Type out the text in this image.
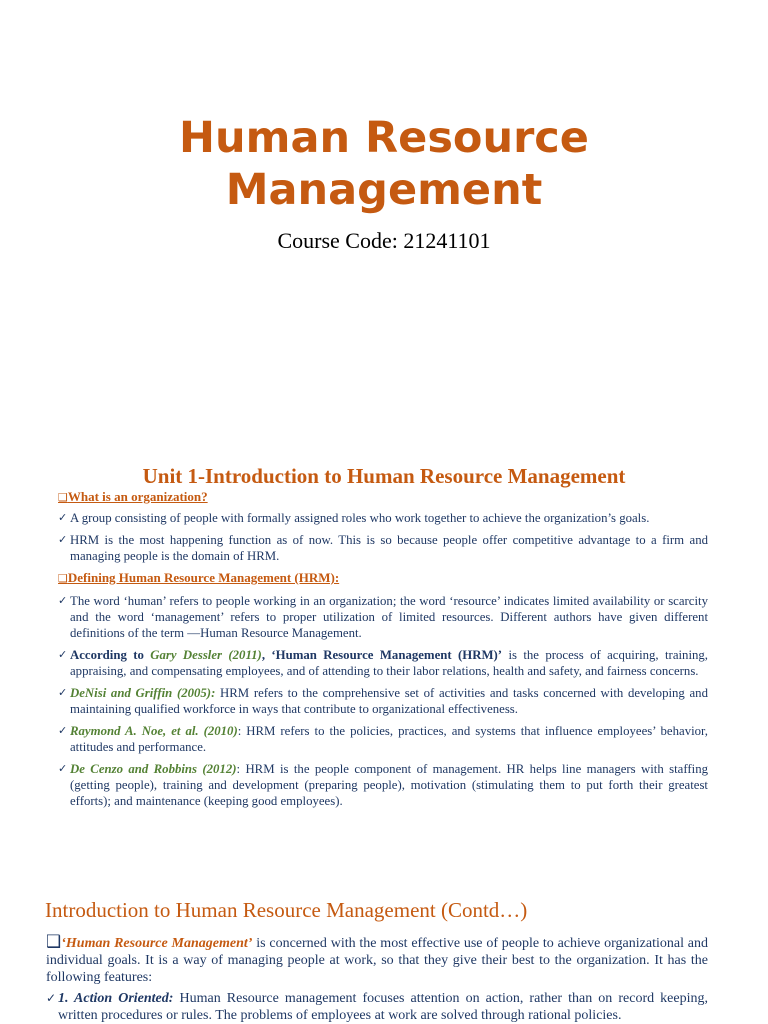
Human Resource
Management
Course Code: 21241101
Unit 1-Introduction to Human Resource Management
❑What is an organization?
✓ A group consisting of people with formally assigned roles who work together to achieve the organization’s goals.
✓ HRM is the most happening function as of now. This is so because people offer competitive advantage to a firm and managing people is the domain of HRM.
❑Defining Human Resource Management (HRM):
✓ The word ‘human’ refers to people working in an organization; the word ‘resource’ indicates limited availability or scarcity and the word ‘management’ refers to proper utilization of limited resources. Different authors have given different definitions of the term —Human Resource Management.
✓ According to Gary Dessler (2011), ‘Human Resource Management (HRM)’ is the process of acquiring, training, appraising, and compensating employees, and of attending to their labor relations, health and safety, and fairness concerns.
✓ DeNisi and Griffin (2005): HRM refers to the comprehensive set of activities and tasks concerned with developing and maintaining qualified workforce in ways that contribute to organizational effectiveness.
✓ Raymond A. Noe, et al. (2010): HRM refers to the policies, practices, and systems that influence employees’ behavior, attitudes and performance.
✓ De Cenzo and Robbins (2012): HRM is the people component of management. HR helps line managers with staffing (getting people), training and development (preparing people), motivation (stimulating them to put forth their greatest efforts); and maintenance (keeping good employees).
Introduction to Human Resource Management (Contd…)

❑‘Human Resource Management’ is concerned with the most effective use of people to achieve organizational and individual goals. It is a way of managing people at work, so that they give their best to the organization. It has the following features:

✓ 1. Action Oriented: Human Resource management focuses attention on action, rather than on record keeping, written procedures or rules. The problems of employees at work are solved through rational policies.
